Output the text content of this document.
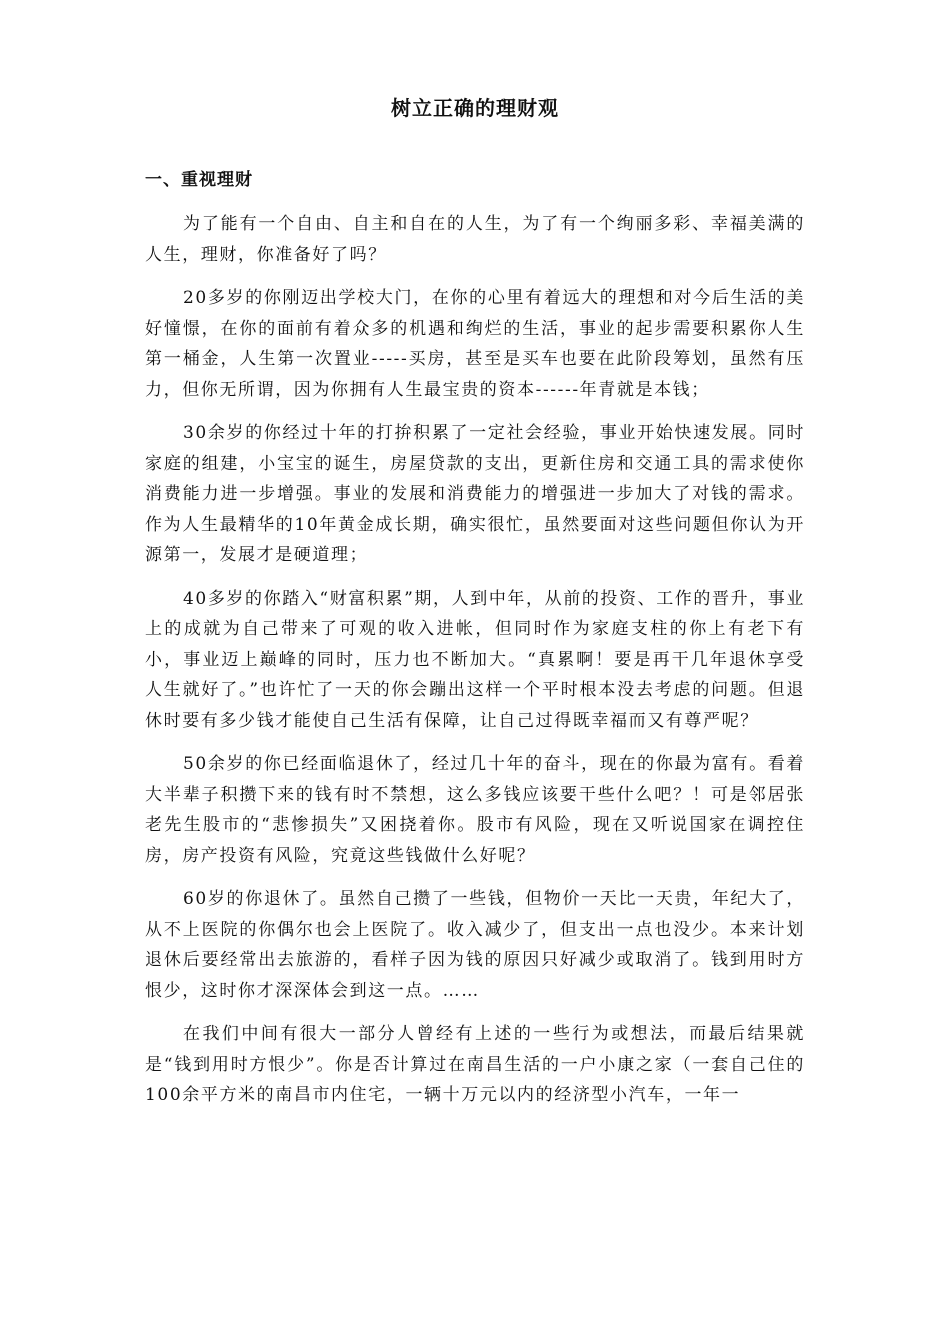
树立正确的理财观
一、重视理财

为了能有一个自由、自主和自在的人生，为了有一个绚丽多彩、幸福美满的人生，理财，你准备好了吗？

20多岁的你刚迈出学校大门，在你的心里有着远大的理想和对今后生活的美好憧憬，在你的面前有着众多的机遇和绚烂的生活，事业的起步需要积累你人生第一桶金，人生第一次置业-----买房，甚至是买车也要在此阶段筹划，虽然有压力，但你无所谓，因为你拥有人生最宝贵的资本------年青就是本钱；

30余岁的你经过十年的打拚积累了一定社会经验，事业开始快速发展。同时家庭的组建，小宝宝的诞生，房屋贷款的支出，更新住房和交通工具的需求使你消费能力进一步增强。事业的发展和消费能力的增强进一步加大了对钱的需求。作为人生最精华的10年黄金成长期，确实很忙，虽然要面对这些问题但你认为开源第一，发展才是硬道理；

40多岁的你踏入“财富积累”期，人到中年，从前的投资、工作的晋升，事业上的成就为自己带来了可观的收入进帐，但同时作为家庭支柱的你上有老下有小，事业迈上巅峰的同时，压力也不断加大。“真累啊！要是再干几年退休享受人生就好了。”也许忙了一天的你会蹦出这样一个平时根本没去考虑的问题。但退休时要有多少钱才能使自己生活有保障，让自己过得既幸福而又有尊严呢？

50余岁的你已经面临退休了，经过几十年的奋斗，现在的你最为富有。看着大半辈子积攒下来的钱有时不禁想，这么多钱应该要干些什么吧？！可是邻居张老先生股市的“悲惨损失”又困挠着你。股市有风险，现在又听说国家在调控住房，房产投资有风险，究竟这些钱做什么好呢？

60岁的你退休了。虽然自己攒了一些钱，但物价一天比一天贵，年纪大了，从不上医院的你偶尔也会上医院了。收入减少了，但支出一点也没少。本来计划退休后要经常出去旅游的，看样子因为钱的原因只好减少或取消了。钱到用时方恨少，这时你才深深体会到这一点。……

在我们中间有很大一部分人曾经有上述的一些行为或想法，而最后结果就是“钱到用时方恨少”。你是否计算过在南昌生活的一户小康之家（一套自己住的100余平方米的南昌市内住宅，一辆十万元以内的经济型小汽车，一年一
